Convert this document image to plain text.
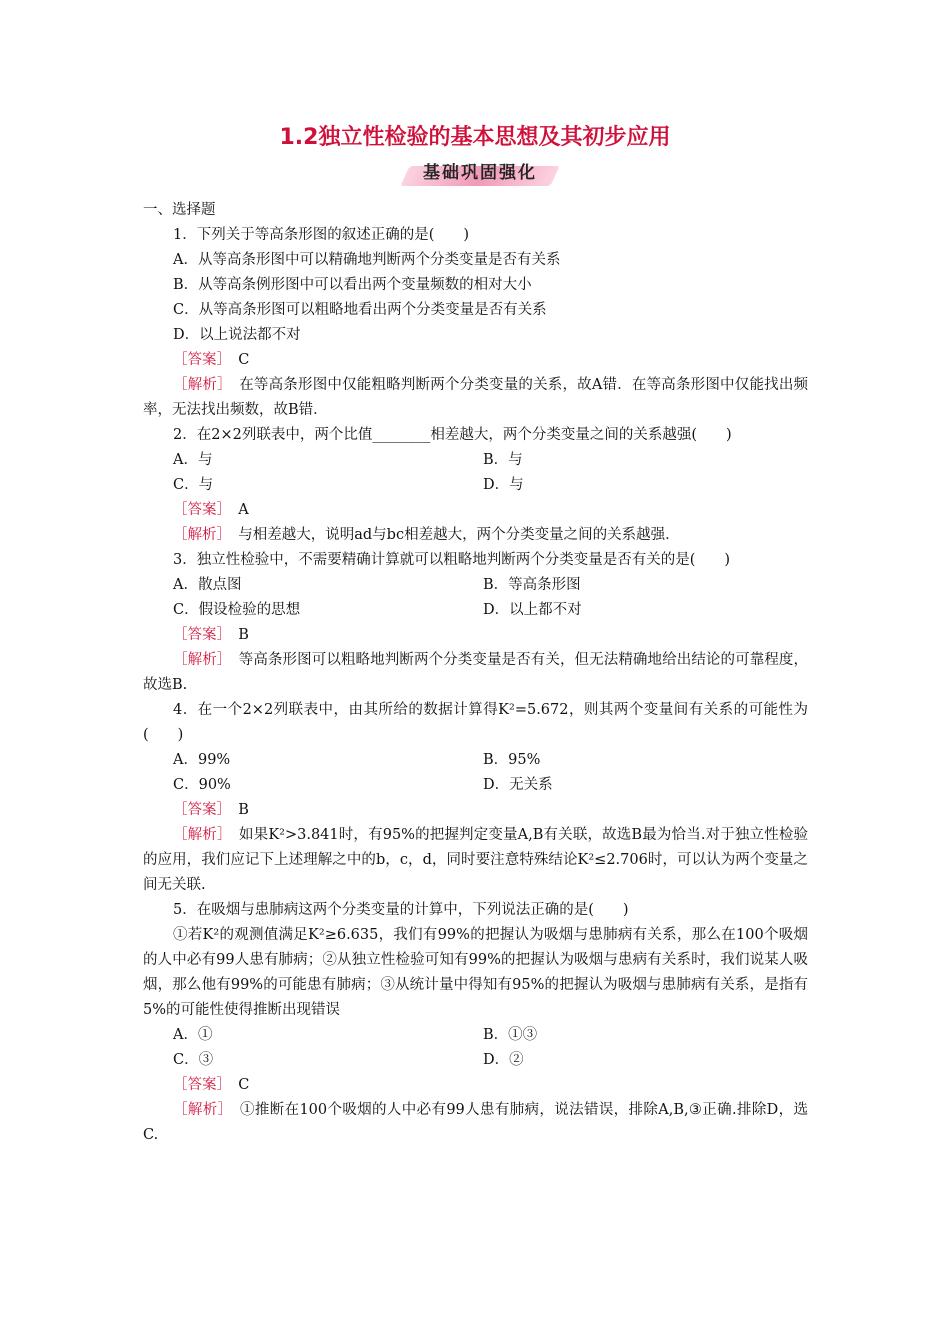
1.2独立性检验的基本思想及其初步应用
基础巩固强化
一、选择题
1．下列关于等高条形图的叙述正确的是(　　)
A．从等高条形图中可以精确地判断两个分类变量是否有关系
B．从等高条例形图中可以看出两个变量频数的相对大小
C．从等高条形图可以粗略地看出两个分类变量是否有关系
D．以上说法都不对
［答案］　 C
［解析］　 在等高条形图中仅能粗略判断两个分类变量的关系，故A错．在等高条形图中仅能找出频率，无法找出频数，故B错．
2．在2×2列联表中，两个比值________相差越大，两个分类变量之间的关系越强(　　)
A．与	B．与
C．与	D．与
［答案］　 A
［解析］　 与相差越大，说明ad与bc相差越大，两个分类变量之间的关系越强．
3．独立性检验中，不需要精确计算就可以粗略地判断两个分类变量是否有关的是(　　)
A．散点图	B．等高条形图
C．假设检验的思想	D．以上都不对
［答案］　 B
［解析］　 等高条形图可以粗略地判断两个分类变量是否有关，但无法精确地给出结论的可靠程度，故选B.
4．在一个2×2列联表中，由其所给的数据计算得K²=5.672，则其两个变量间有关系的可能性为(　　)
A．99%	B．95%
C．90%	D．无关系
［答案］　 B
［解析］　 如果K²>3.841时，有95%的把握判定变量A,B有关联，故选B最为恰当.对于独立性检验的应用，我们应记下上述理解之中的b，c，d，同时要注意特殊结论K²≤2.706时，可以认为两个变量之间无关联.
5．在吸烟与患肺病这两个分类变量的计算中，下列说法正确的是(　　)
①若K²的观测值满足K²≥6.635，我们有99%的把握认为吸烟与患肺病有关系，那么在100个吸烟的人中必有99人患有肺病；②从独立性检验可知有99%的把握认为吸烟与患病有关系时，我们说某人吸烟，那么他有99%的可能患有肺病；③从统计量中得知有95%的把握认为吸烟与患肺病有关系，是指有5%的可能性使得推断出现错误
A．①	B．①③
C．③	D．②
［答案］　 C
［解析］　 ①推断在100个吸烟的人中必有99人患有肺病，说法错误，排除A,B,③正确.排除D，选C.
